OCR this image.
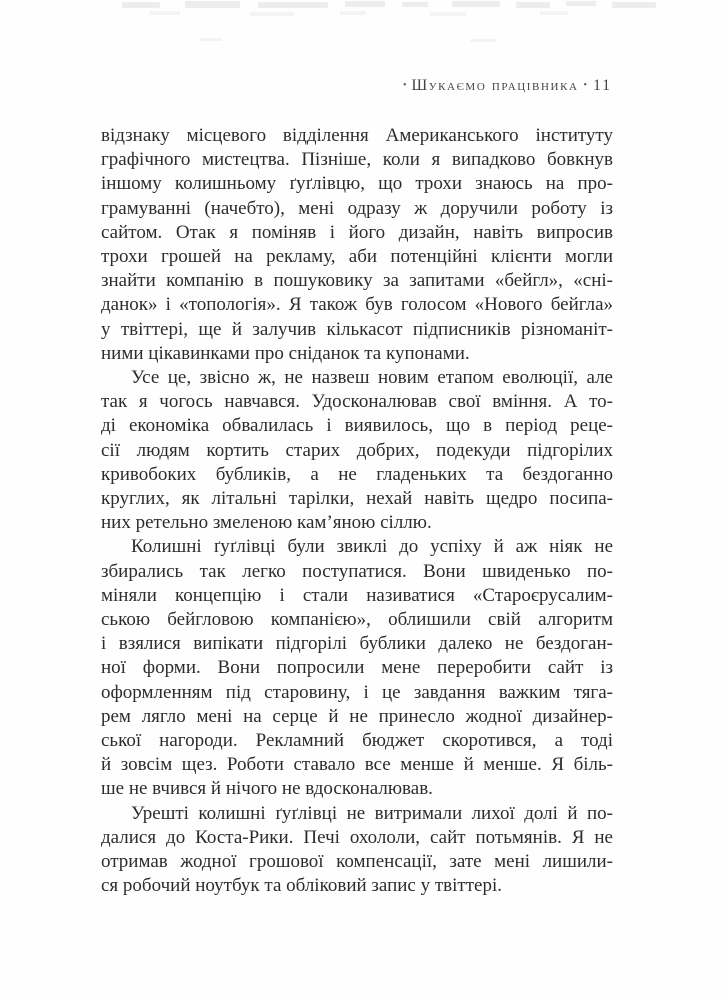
• Шукаємо працівника • 11
відзнаку місцевого відділення Американського інституту
графічного мистецтва. Пізніше, коли я випадково бовкнув
іншому колишньому ґуґлівцю, що трохи знаюсь на про-
грамуванні (начебто), мені одразу ж доручили роботу із
сайтом. Отак я поміняв і його дизайн, навіть випросив
трохи грошей на рекламу, аби потенційні клієнти могли
знайти компанію в пошуковику за запитами «бейгл», «сні-
данок» і «топологія». Я також був голосом «Нового бейгла»
у твіттері, ще й залучив кількасот підписників різноманіт-
ними цікавинками про сніданок та купонами.
Усе це, звісно ж, не назвеш новим етапом еволюції, але
так я чогось навчався. Удосконалював свої вміння. А то-
ді економіка обвалилась і виявилось, що в період реце-
сії людям кортить старих добрих, подекуди підгорілих
кривобоких бубликів, а не гладеньких та бездоганно
круглих, як літальні тарілки, нехай навіть щедро посипа-
них ретельно змеленою кам’яною сіллю.
Колишні ґуґлівці були звиклі до успіху й аж ніяк не
збирались так легко поступатися. Вони швиденько по-
міняли концепцію і стали називатися «Староєрусалим-
ською бейгловою компанією», облишили свій алгоритм
і взялися випікати підгорілі бублики далеко не бездоган-
ної форми. Вони попросили мене переробити сайт із
оформленням під старовину, і це завдання важким тяга-
рем лягло мені на серце й не принесло жодної дизайнер-
ської нагороди. Рекламний бюджет скоротився, а тоді
й зовсім щез. Роботи ставало все менше й менше. Я біль-
ше не вчився й нічого не вдосконалював.
Урешті колишні ґуґлівці не витримали лихої долі й по-
далися до Коста-Рики. Печі охололи, сайт потьмянів. Я не
отримав жодної грошової компенсації, зате мені лишили-
ся робочий ноутбук та обліковий запис у твіттері.
